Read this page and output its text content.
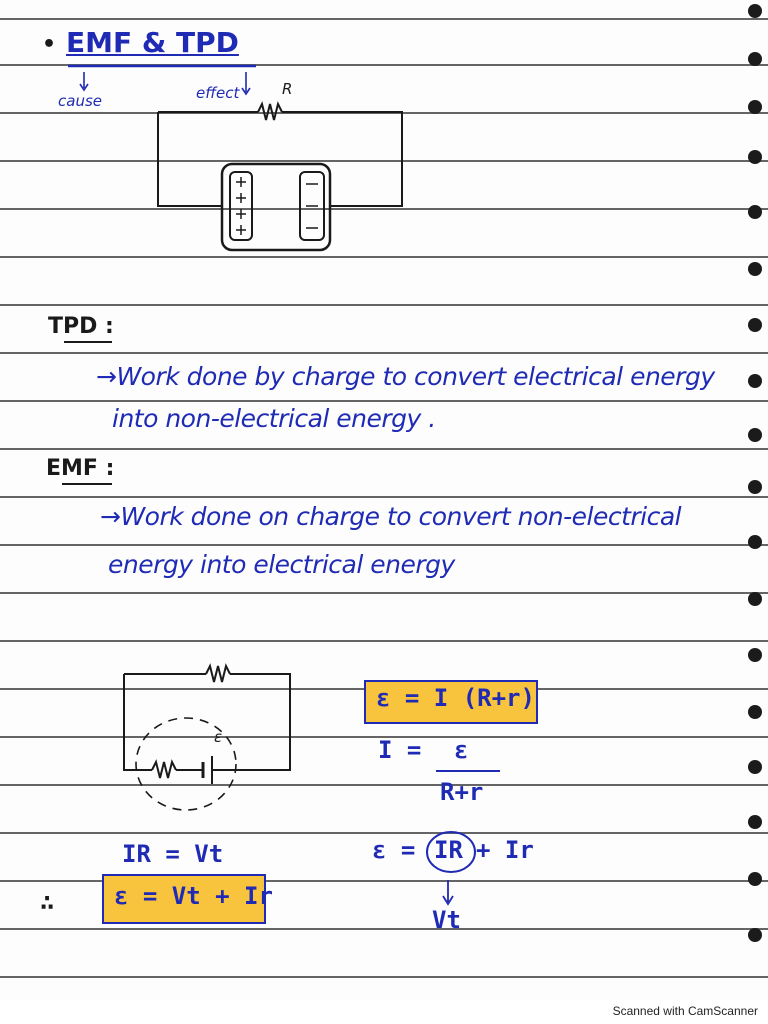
• EMF & TPD
cause	effect	R
TPD :
→Work done by charge to convert electrical energy
into non-electrical energy .
EMF :
→Work done on charge to convert non-electrical
energy into electrical energy
ε
ε = I (R+r)
I = ε
R+r
ε = IR + Ir
Vt
IR = Vt
∴ ε = Vt + Ir
Scanned with CamScanner
